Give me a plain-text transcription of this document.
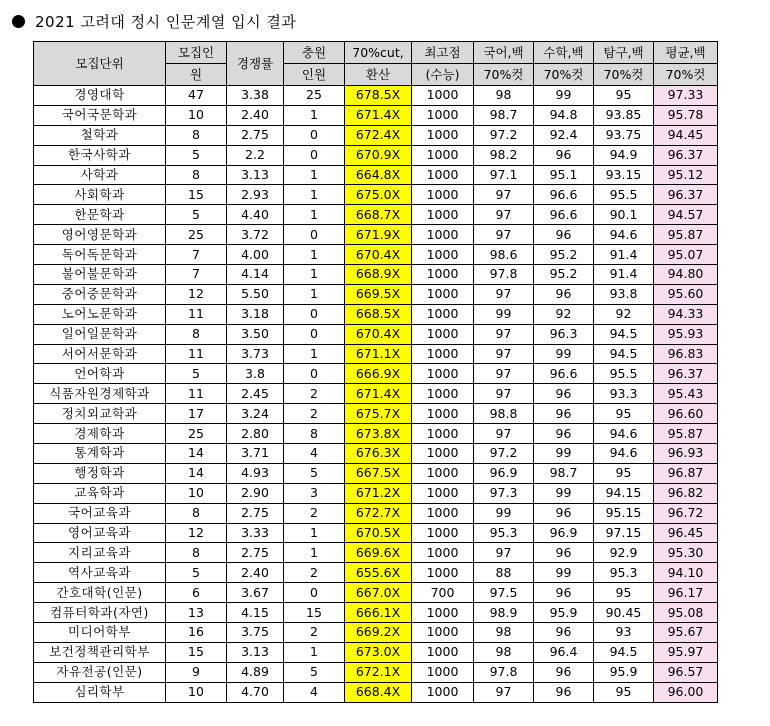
2021 고려대 정시 인문계열 입시 결과
모집단위	모집인	경쟁률	충원	70%cut,	최고점	국어,백	수학,백	탐구,백	평균,백
	원		인원	환산	(수능)	70%컷	70%컷	70%컷	70%컷
경영대학	47	3.38	25	678.5X	1000	98	99	95	97.33
국어국문학과	10	2.40	1	671.4X	1000	98.7	94.8	93.85	95.78
철학과	8	2.75	0	672.4X	1000	97.2	92.4	93.75	94.45
한국사학과	5	2.2	0	670.9X	1000	98.2	96	94.9	96.37
사학과	8	3.13	1	664.8X	1000	97.1	95.1	93.15	95.12
사회학과	15	2.93	1	675.0X	1000	97	96.6	95.5	96.37
한문학과	5	4.40	1	668.7X	1000	97	96.6	90.1	94.57
영어영문학과	25	3.72	0	671.9X	1000	97	96	94.6	95.87
독어독문학과	7	4.00	1	670.4X	1000	98.6	95.2	91.4	95.07
불어불문학과	7	4.14	1	668.9X	1000	97.8	95.2	91.4	94.80
중어중문학과	12	5.50	1	669.5X	1000	97	96	93.8	95.60
노어노문학과	11	3.18	0	668.5X	1000	99	92	92	94.33
일어일문학과	8	3.50	0	670.4X	1000	97	96.3	94.5	95.93
서어서문학과	11	3.73	1	671.1X	1000	97	99	94.5	96.83
언어학과	5	3.8	0	666.9X	1000	97	96.6	95.5	96.37
식품자원경제학과	11	2.45	2	671.4X	1000	97	96	93.3	95.43
정치외교학과	17	3.24	2	675.7X	1000	98.8	96	95	96.60
경제학과	25	2.80	8	673.8X	1000	97	96	94.6	95.87
통계학과	14	3.71	4	676.3X	1000	97.2	99	94.6	96.93
행정학과	14	4.93	5	667.5X	1000	96.9	98.7	95	96.87
교육학과	10	2.90	3	671.2X	1000	97.3	99	94.15	96.82
국어교육과	8	2.75	2	672.7X	1000	99	96	95.15	96.72
영어교육과	12	3.33	1	670.5X	1000	95.3	96.9	97.15	96.45
지리교육과	8	2.75	1	669.6X	1000	97	96	92.9	95.30
역사교육과	5	2.40	2	655.6X	1000	88	99	95.3	94.10
간호대학(인문)	6	3.67	0	667.0X	700	97.5	96	95	96.17
컴퓨터학과(자연)	13	4.15	15	666.1X	1000	98.9	95.9	90.45	95.08
미디어학부	16	3.75	2	669.2X	1000	98	96	93	95.67
보건정책관리학부	15	3.13	1	673.0X	1000	98	96.4	94.5	95.97
자유전공(인문)	9	4.89	5	672.1X	1000	97.8	96	95.9	96.57
심리학부	10	4.70	4	668.4X	1000	97	96	95	96.00
